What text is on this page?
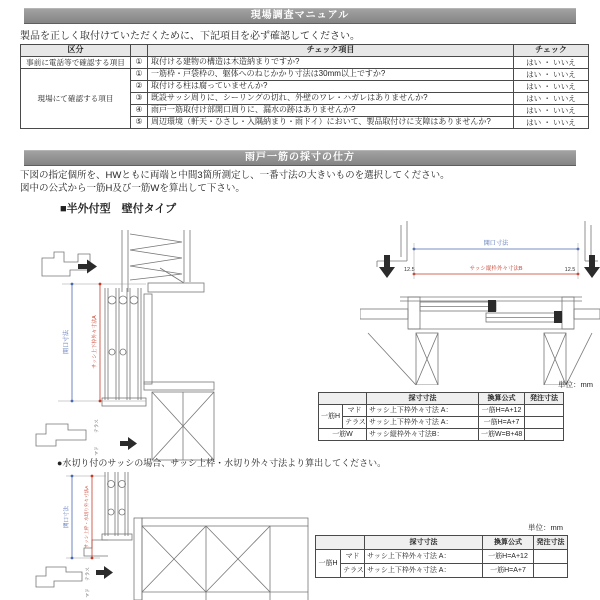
現場調査マニュアル
製品を正しく取付けていただくために、下記項目を必ず確認してください。
区分		チェック項目	チェック
事前に電話等で確認する項目	①	取付ける建物の構造は木造納まりですか?	はい ・ いいえ
現場にて確認する項目	①	一筋枠・戸袋枠の、躯体へのねじかかり寸法は30mm以上ですか?	はい ・ いいえ
	②	取付ける柱は腐っていませんか?	はい ・ いいえ
	③	既設サッシ周りに、シーリングの切れ、外壁のワレ・ハガレはありませんか?	はい ・ いいえ
	④	雨戸一筋取付け部開口周りに、漏水の跡はありませんか?	はい ・ いいえ
	⑤	周辺環境（軒天・ひさし・入隅納まり・雨ドイ）において、製品取付けに支障はありませんか?	はい ・ いいえ
雨戸一筋の採寸の仕方
下図の指定個所を、HWともに両端と中間3箇所測定し、一番寸法の大きいものを選択してください。
図中の公式から一筋H及び一筋Wを算出して下さい。
■半外付型　壁付タイプ
開口寸法	サッシ上下枠外々寸法A
テラス
マド
12.5	12.5
開口寸法
サッシ縦枠外々寸法B
単位：mm
		採寸寸法	換算公式	発注寸法
一筋H	マド	サッシ上下枠外々寸法 A：	一筋H=A+12	
	テラス	サッシ上下枠外々寸法 A：	一筋H=A+7	
一筋W		サッシ縦枠外々寸法B：	一筋W=B+48	
●水切り付のサッシの場合、サッシ上枠・水切り外々寸法より算出してください。
開口寸法	サッシ上枠・水切り外々寸法A
テラス
マド
単位：mm
		採寸寸法	換算公式	発注寸法
一筋H	マド	サッシ上下枠外々寸法 A：	一筋H=A+12	
	テラス	サッシ上下枠外々寸法 A：	一筋H=A+7	
